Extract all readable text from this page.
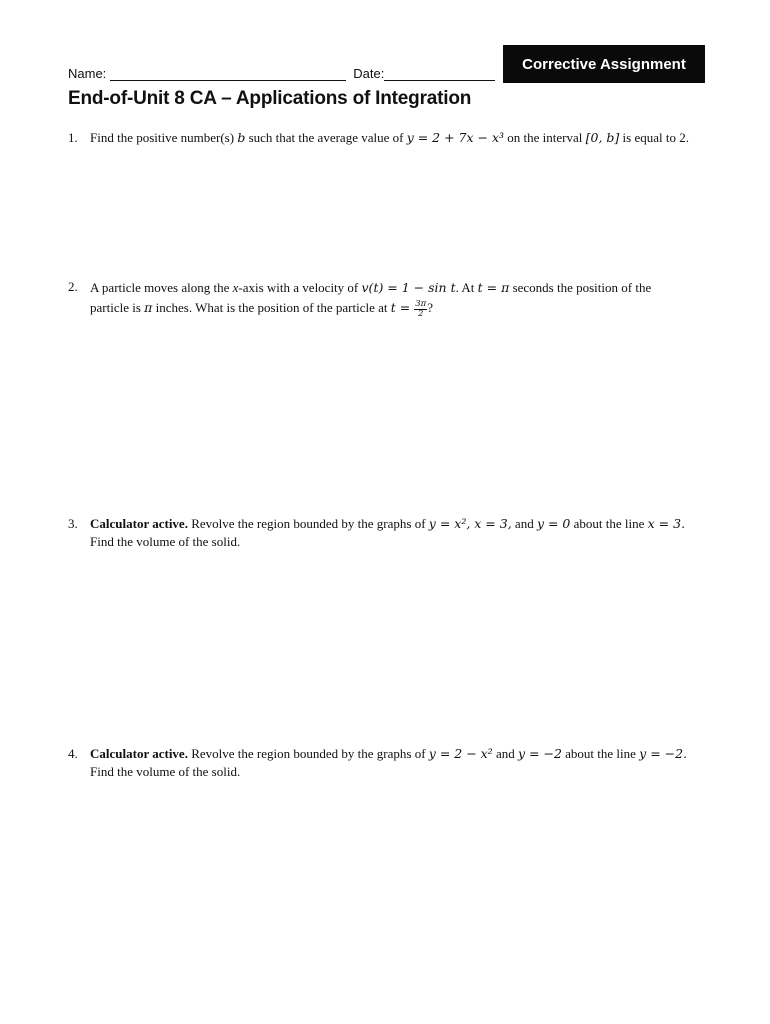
Corrective Assignment
Name:	Date:
End-of-Unit 8 CA – Applications of Integration
1. Find the positive number(s) b such that the average value of y = 2 + 7x − x³ on the interval [0, b] is equal to 2.
2. A particle moves along the x-axis with a velocity of v(t) = 1 − sin t. At t = π seconds the position of the particle is π inches. What is the position of the particle at $t = \frac{3\pi}{2}$ ?
3. Calculator active. Revolve the region bounded by the graphs of y = x², x = 3, and y = 0 about the line x = 3. Find the volume of the solid.
4. Calculator active. Revolve the region bounded by the graphs of y = 2 − x² and y = −2 about the line y = −2. Find the volume of the solid.
